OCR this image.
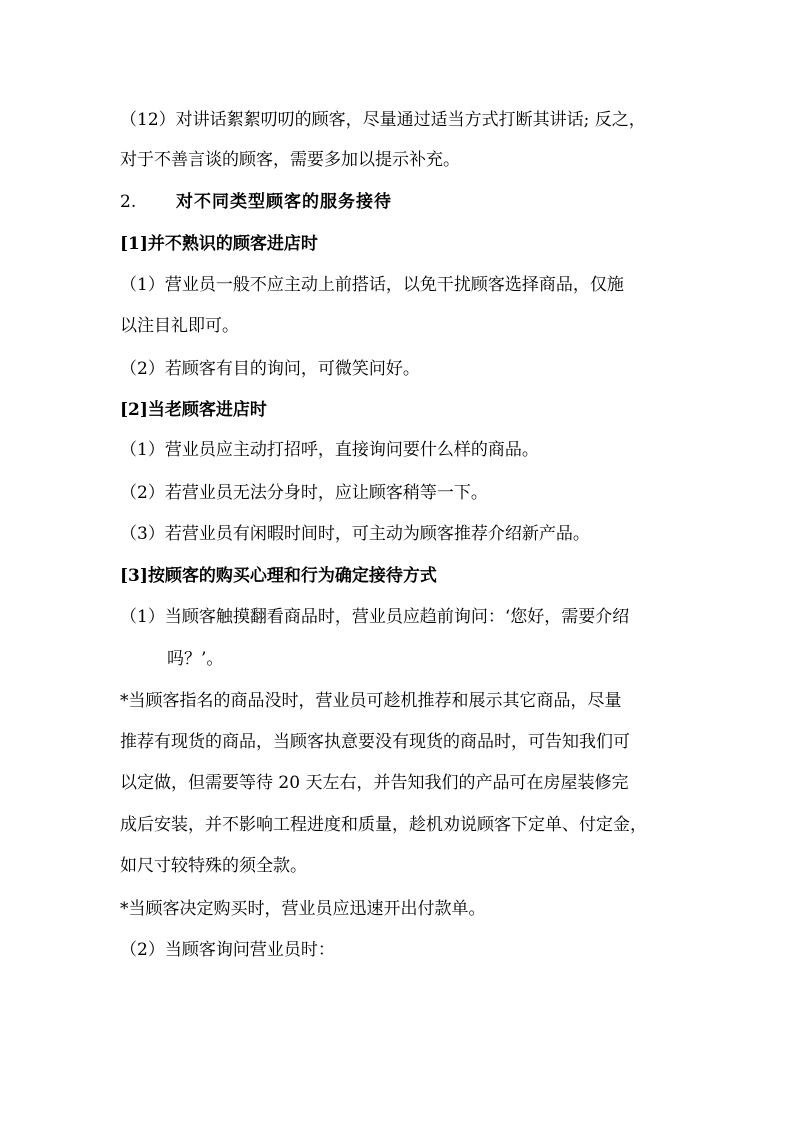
（12）对讲话絮絮叨叨的顾客，尽量通过适当方式打断其讲话; 反之，
对于不善言谈的顾客，需要多加以提示补充。
2. 对不同类型顾客的服务接待
[1]并不熟识的顾客进店时
（1）营业员一般不应主动上前搭话，以免干扰顾客选择商品，仅施
以注目礼即可。
（2）若顾客有目的询问，可微笑问好。
[2]当老顾客进店时
（1）营业员应主动打招呼，直接询问要什么样的商品。
（2）若营业员无法分身时，应让顾客稍等一下。
（3）若营业员有闲暇时间时，可主动为顾客推荐介绍新产品。
[3]按顾客的购买心理和行为确定接待方式
（1）当顾客触摸翻看商品时，营业员应趋前询问：‘您好，需要介绍
吗？’。
*当顾客指名的商品没时，营业员可趁机推荐和展示其它商品，尽量
推荐有现货的商品，当顾客执意要没有现货的商品时，可告知我们可
以定做，但需要等待 20 天左右，并告知我们的产品可在房屋装修完
成后安装，并不影响工程进度和质量，趁机劝说顾客下定单、付定金，
如尺寸较特殊的须全款。
*当顾客决定购买时，营业员应迅速开出付款单。
（2）当顾客询问营业员时：
